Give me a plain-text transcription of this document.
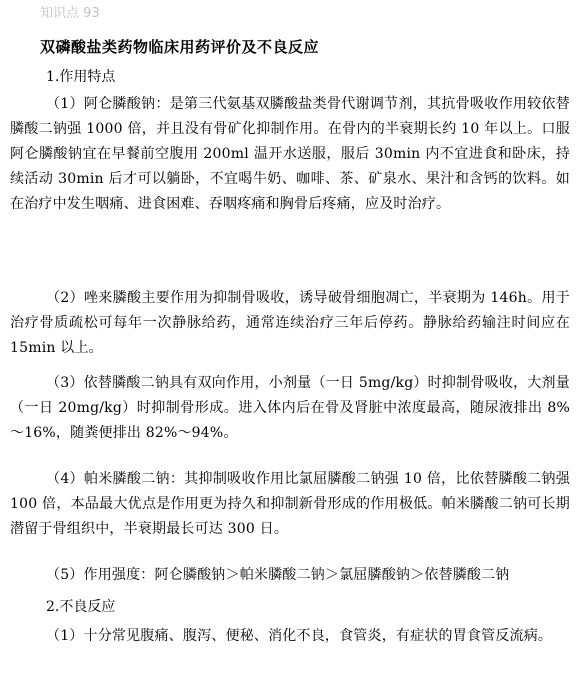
知识点 93
双磷酸盐类药物临床用药评价及不良反应
1.作用特点
（1）阿仑膦酸钠：是第三代氨基双膦酸盐类骨代谢调节剂，其抗骨吸收作用较依替膦酸二钠强 1000 倍，并且没有骨矿化抑制作用。在骨内的半衰期长约 10 年以上。口服阿仑膦酸钠宜在早餐前空腹用 200ml 温开水送服，服后 30min 内不宜进食和卧床，持续活动 30min 后才可以躺卧，不宜喝牛奶、咖啡、茶、矿泉水、果汁和含钙的饮料。如在治疗中发生咽痛、进食困难、吞咽疼痛和胸骨后疼痛，应及时治疗。
（2）唑来膦酸主要作用为抑制骨吸收，诱导破骨细胞凋亡，半衰期为 146h。用于治疗骨质疏松可每年一次静脉给药，通常连续治疗三年后停药。静脉给药输注时间应在 15min 以上。
（3）依替膦酸二钠具有双向作用，小剂量（一日 5mg/kg）时抑制骨吸收，大剂量（一日 20mg/kg）时抑制骨形成。进入体内后在骨及肾脏中浓度最高，随尿液排出 8%～16%，随粪便排出 82%～94%。
（4）帕米膦酸二钠：其抑制吸收作用比氯屈膦酸二钠强 10 倍，比依替膦酸二钠强 100 倍，本品最大优点是作用更为持久和抑制新骨形成的作用极低。帕米膦酸二钠可长期潜留于骨组织中，半衰期最长可达 300 日。
（5）作用强度：阿仑膦酸钠＞帕米膦酸二钠＞氯屈膦酸钠＞依替膦酸二钠
2.不良反应
（1）十分常见腹痛、腹泻、便秘、消化不良，食管炎，有症状的胃食管反流病。
